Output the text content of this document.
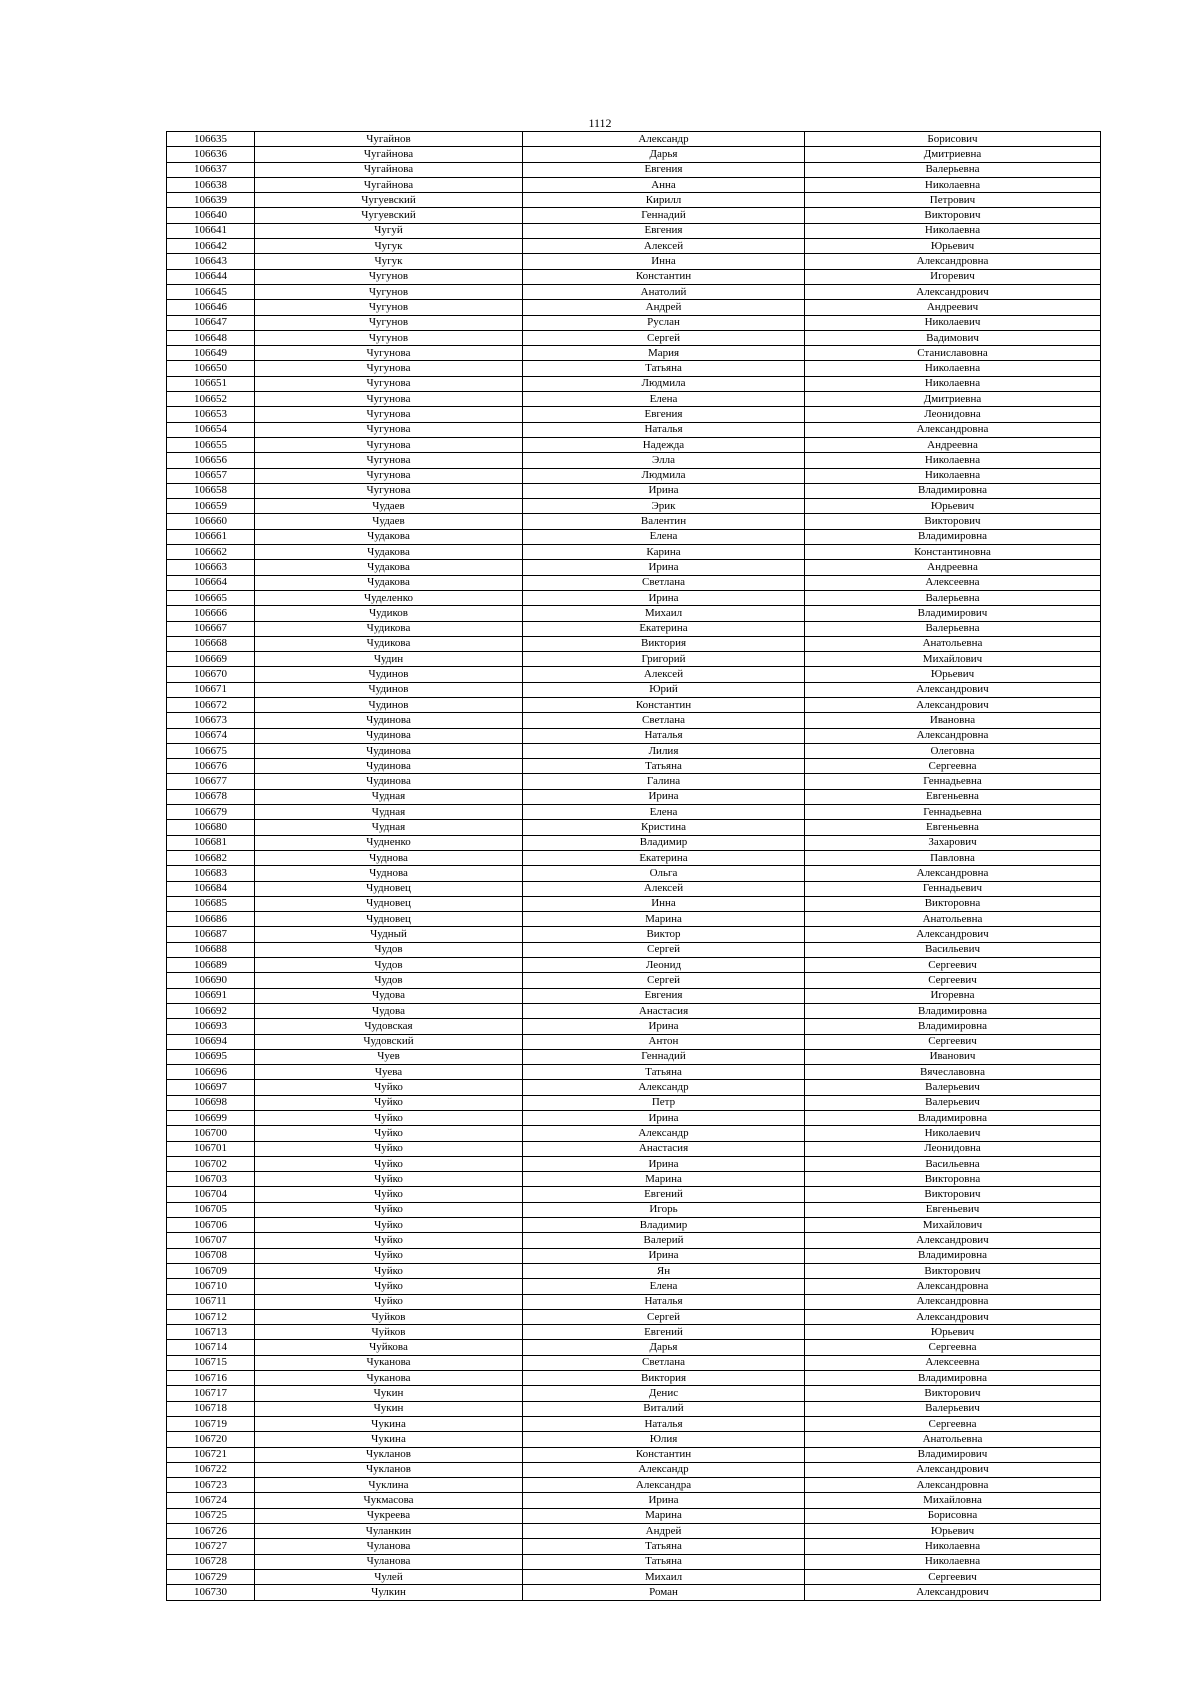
1112
106635	Чугайнов	Александр	Борисович
106636	Чугайнова	Дарья	Дмитриевна
106637	Чугайнова	Евгения	Валерьевна
106638	Чугайнова	Анна	Николаевна
106639	Чугуевский	Кирилл	Петрович
106640	Чугуевский	Геннадий	Викторович
106641	Чугуй	Евгения	Николаевна
106642	Чугук	Алексей	Юрьевич
106643	Чугук	Инна	Александровна
106644	Чугунов	Константин	Игоревич
106645	Чугунов	Анатолий	Александрович
106646	Чугунов	Андрей	Андреевич
106647	Чугунов	Руслан	Николаевич
106648	Чугунов	Сергей	Вадимович
106649	Чугунова	Мария	Станиславовна
106650	Чугунова	Татьяна	Николаевна
106651	Чугунова	Людмила	Николаевна
106652	Чугунова	Елена	Дмитриевна
106653	Чугунова	Евгения	Леонидовна
106654	Чугунова	Наталья	Александровна
106655	Чугунова	Надежда	Андреевна
106656	Чугунова	Элла	Николаевна
106657	Чугунова	Людмила	Николаевна
106658	Чугунова	Ирина	Владимировна
106659	Чудаев	Эрик	Юрьевич
106660	Чудаев	Валентин	Викторович
106661	Чудакова	Елена	Владимировна
106662	Чудакова	Карина	Константиновна
106663	Чудакова	Ирина	Андреевна
106664	Чудакова	Светлана	Алексеевна
106665	Чуделенко	Ирина	Валерьевна
106666	Чудиков	Михаил	Владимирович
106667	Чудикова	Екатерина	Валерьевна
106668	Чудикова	Виктория	Анатольевна
106669	Чудин	Григорий	Михайлович
106670	Чудинов	Алексей	Юрьевич
106671	Чудинов	Юрий	Александрович
106672	Чудинов	Константин	Александрович
106673	Чудинова	Светлана	Ивановна
106674	Чудинова	Наталья	Александровна
106675	Чудинова	Лилия	Олеговна
106676	Чудинова	Татьяна	Сергеевна
106677	Чудинова	Галина	Геннадьевна
106678	Чудная	Ирина	Евгеньевна
106679	Чудная	Елена	Геннадьевна
106680	Чудная	Кристина	Евгеньевна
106681	Чудненко	Владимир	Захарович
106682	Чуднова	Екатерина	Павловна
106683	Чуднова	Ольга	Александровна
106684	Чудновец	Алексей	Геннадьевич
106685	Чудновец	Инна	Викторовна
106686	Чудновец	Марина	Анатольевна
106687	Чудный	Виктор	Александрович
106688	Чудов	Сергей	Васильевич
106689	Чудов	Леонид	Сергеевич
106690	Чудов	Сергей	Сергеевич
106691	Чудова	Евгения	Игоревна
106692	Чудова	Анастасия	Владимировна
106693	Чудовская	Ирина	Владимировна
106694	Чудовский	Антон	Сергеевич
106695	Чуев	Геннадий	Иванович
106696	Чуева	Татьяна	Вячеславовна
106697	Чуйко	Александр	Валерьевич
106698	Чуйко	Петр	Валерьевич
106699	Чуйко	Ирина	Владимировна
106700	Чуйко	Александр	Николаевич
106701	Чуйко	Анастасия	Леонидовна
106702	Чуйко	Ирина	Васильевна
106703	Чуйко	Марина	Викторовна
106704	Чуйко	Евгений	Викторович
106705	Чуйко	Игорь	Евгеньевич
106706	Чуйко	Владимир	Михайлович
106707	Чуйко	Валерий	Александрович
106708	Чуйко	Ирина	Владимировна
106709	Чуйко	Ян	Викторович
106710	Чуйко	Елена	Александровна
106711	Чуйко	Наталья	Александровна
106712	Чуйков	Сергей	Александрович
106713	Чуйков	Евгений	Юрьевич
106714	Чуйкова	Дарья	Сергеевна
106715	Чуканова	Светлана	Алексеевна
106716	Чуканова	Виктория	Владимировна
106717	Чукин	Денис	Викторович
106718	Чукин	Виталий	Валерьевич
106719	Чукина	Наталья	Сергеевна
106720	Чукина	Юлия	Анатольевна
106721	Чукланов	Константин	Владимирович
106722	Чукланов	Александр	Александрович
106723	Чуклина	Александра	Александровна
106724	Чукмасова	Ирина	Михайловна
106725	Чукреева	Марина	Борисовна
106726	Чуланкин	Андрей	Юрьевич
106727	Чуланова	Татьяна	Николаевна
106728	Чуланова	Татьяна	Николаевна
106729	Чулей	Михаил	Сергеевич
106730	Чулкин	Роман	Александрович
